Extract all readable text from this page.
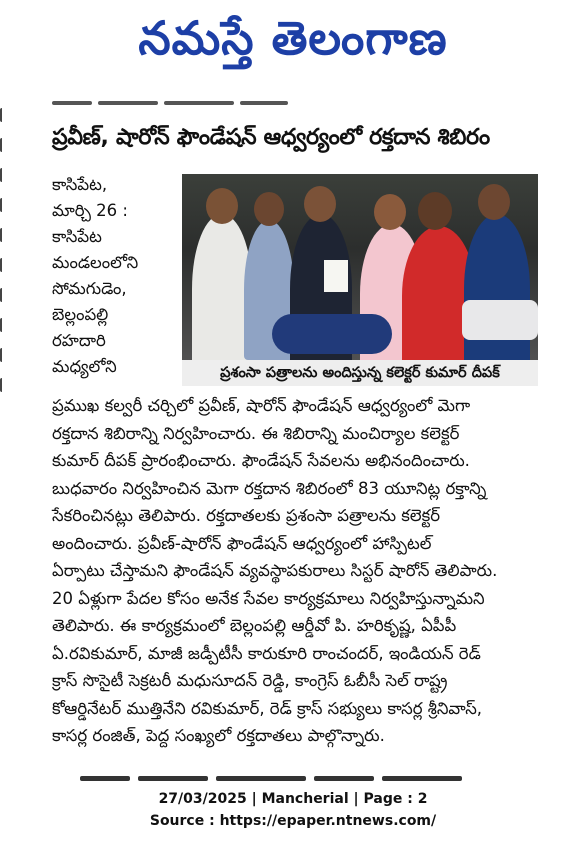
నమస్తే తెలంగాణ
ప్రవీణ్, షారోన్ ఫౌండేషన్ ఆధ్వర్యంలో రక్తదాన శిబిరం
కాసిపేట,
మార్చి 26 :
కాసిపేట
మండలంలోని
సోమగుడెం,
బెల్లంపల్లి
రహదారి
మధ్యలోని	ప్రశంసా పత్రాలను అందిస్తున్న కలెక్టర్ కుమార్ దీపక్
ప్రముఖ కల్వరీ చర్చిలో ప్రవీణ్, షారోన్ ఫౌండేషన్ ఆధ్వర్యంలో మెగా
రక్తదాన శిబిరాన్ని నిర్వహించారు. ఈ శిబిరాన్ని మంచిర్యాల కలెక్టర్
కుమార్ దీపక్ ప్రారంభించారు. ఫౌండేషన్ సేవలను అభినందించారు.
బుధవారం నిర్వహించిన మెగా రక్తదాన శిబిరంలో 83 యూనిట్ల రక్తాన్ని
సేకరించినట్లు తెలిపారు. రక్తదాతలకు ప్రశంసా పత్రాలను కలెక్టర్
అందించారు. ప్రవీణ్-షారోన్ ఫౌండేషన్ ఆధ్వర్యంలో హాస్పిటల్
ఏర్పాటు చేస్తామని ఫౌండేషన్ వ్యవస్థాపకురాలు సిస్టర్ షారోన్ తెలిపారు.
20 ఏళ్లుగా పేదల కోసం అనేక సేవల కార్యక్రమాలు నిర్వహిస్తున్నామని
తెలిపారు. ఈ కార్యక్రమంలో బెల్లంపల్లి ఆర్డీవో పి. హరికృష్ణ, ఏపీపీ
ఏ.రవికుమార్, మాజీ జడ్పీటీసీ కారుకూరి రాంచందర్, ఇండియన్ రెడ్
క్రాస్ సొసైటీ సెక్రటరీ మధుసూదన్ రెడ్డి, కాంగ్రెస్ ఓబీసీ సెల్ రాష్ట్ర
కోఆర్డినేటర్ ముత్తినేని రవికుమార్, రెడ్ క్రాస్ సభ్యులు కాసర్ల శ్రీనివాస్,
కాసర్ల రంజిత్, పెద్ద సంఖ్యలో రక్తదాతలు పాల్గొన్నారు.
27/03/2025 | Mancherial | Page : 2
Source : https://epaper.ntnews.com/
